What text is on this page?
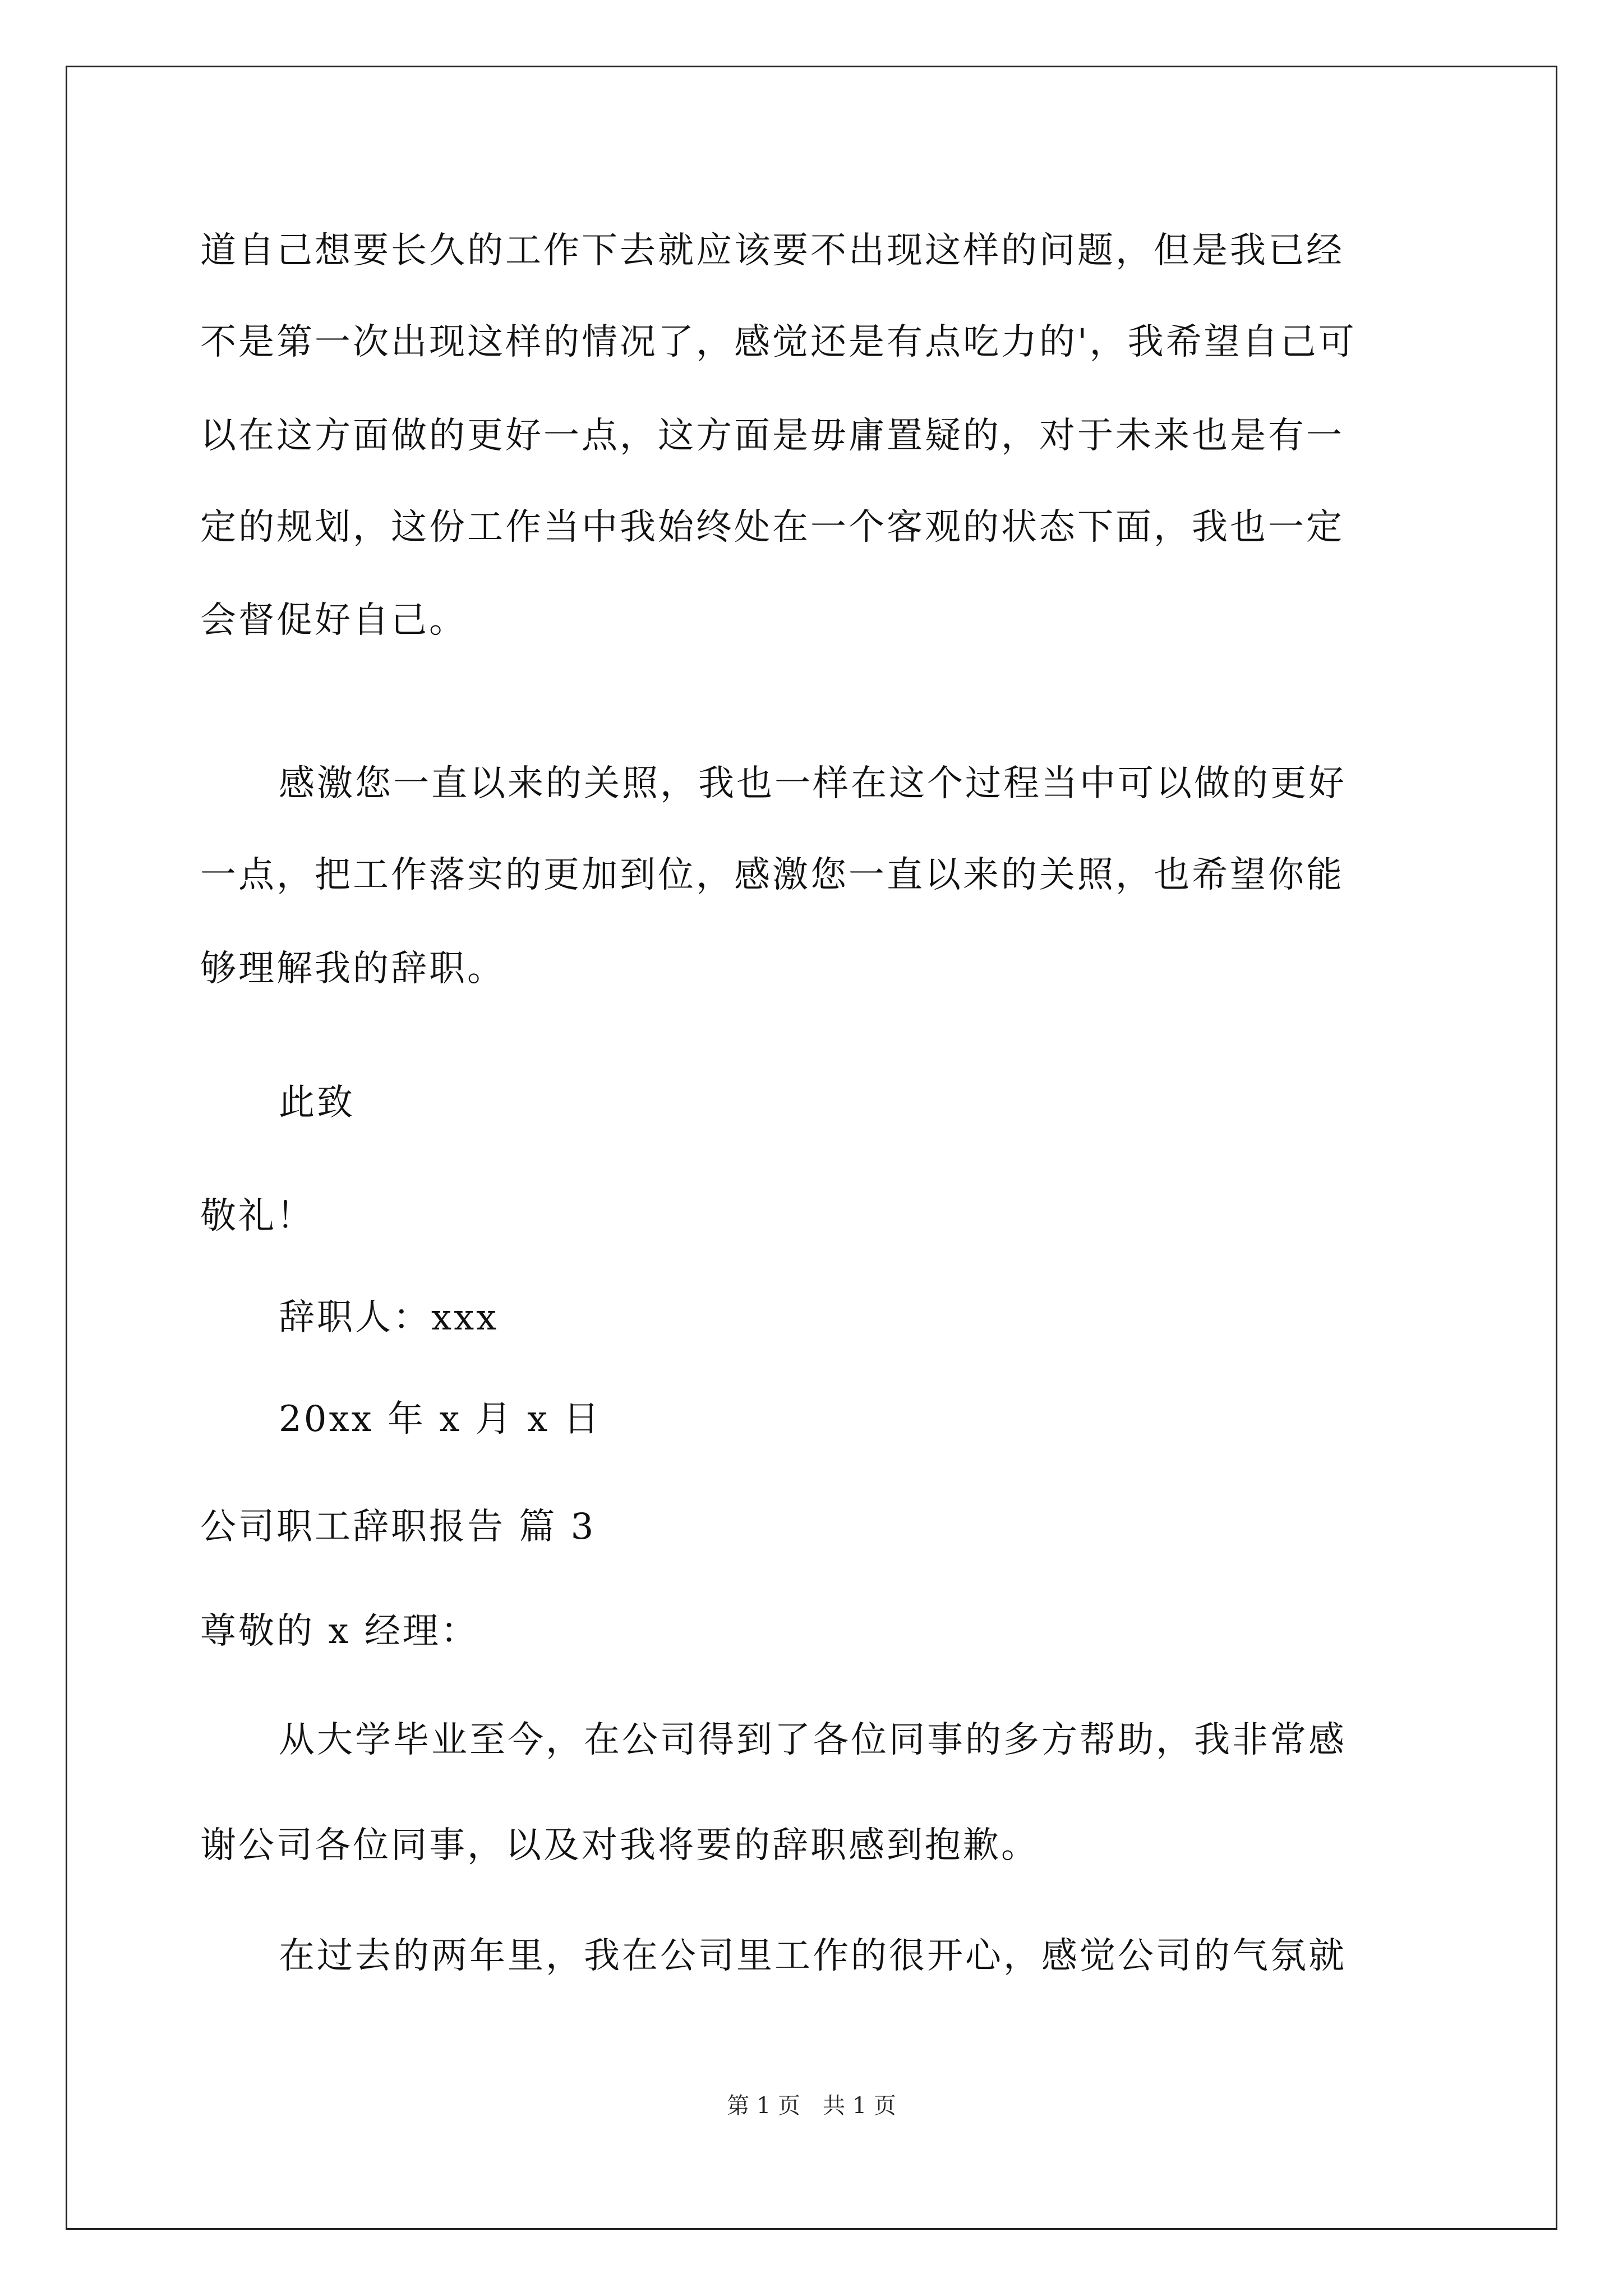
道自己想要长久的工作下去就应该要不出现这样的问题，但是我已经
不是第一次出现这样的情况了，感觉还是有点吃力的'，我希望自己可
以在这方面做的更好一点，这方面是毋庸置疑的，对于未来也是有一
定的规划，这份工作当中我始终处在一个客观的状态下面，我也一定
会督促好自己。
感激您一直以来的关照，我也一样在这个过程当中可以做的更好
一点，把工作落实的更加到位，感激您一直以来的关照，也希望你能
够理解我的辞职。
此致
敬礼！
辞职人：xxx
20xx 年 x 月 x 日
公司职工辞职报告 篇 3
尊敬的 x 经理：
从大学毕业至今，在公司得到了各位同事的多方帮助，我非常感
谢公司各位同事，以及对我将要的辞职感到抱歉。
在过去的两年里，我在公司里工作的很开心，感觉公司的气氛就
第 1 页　共 1 页
